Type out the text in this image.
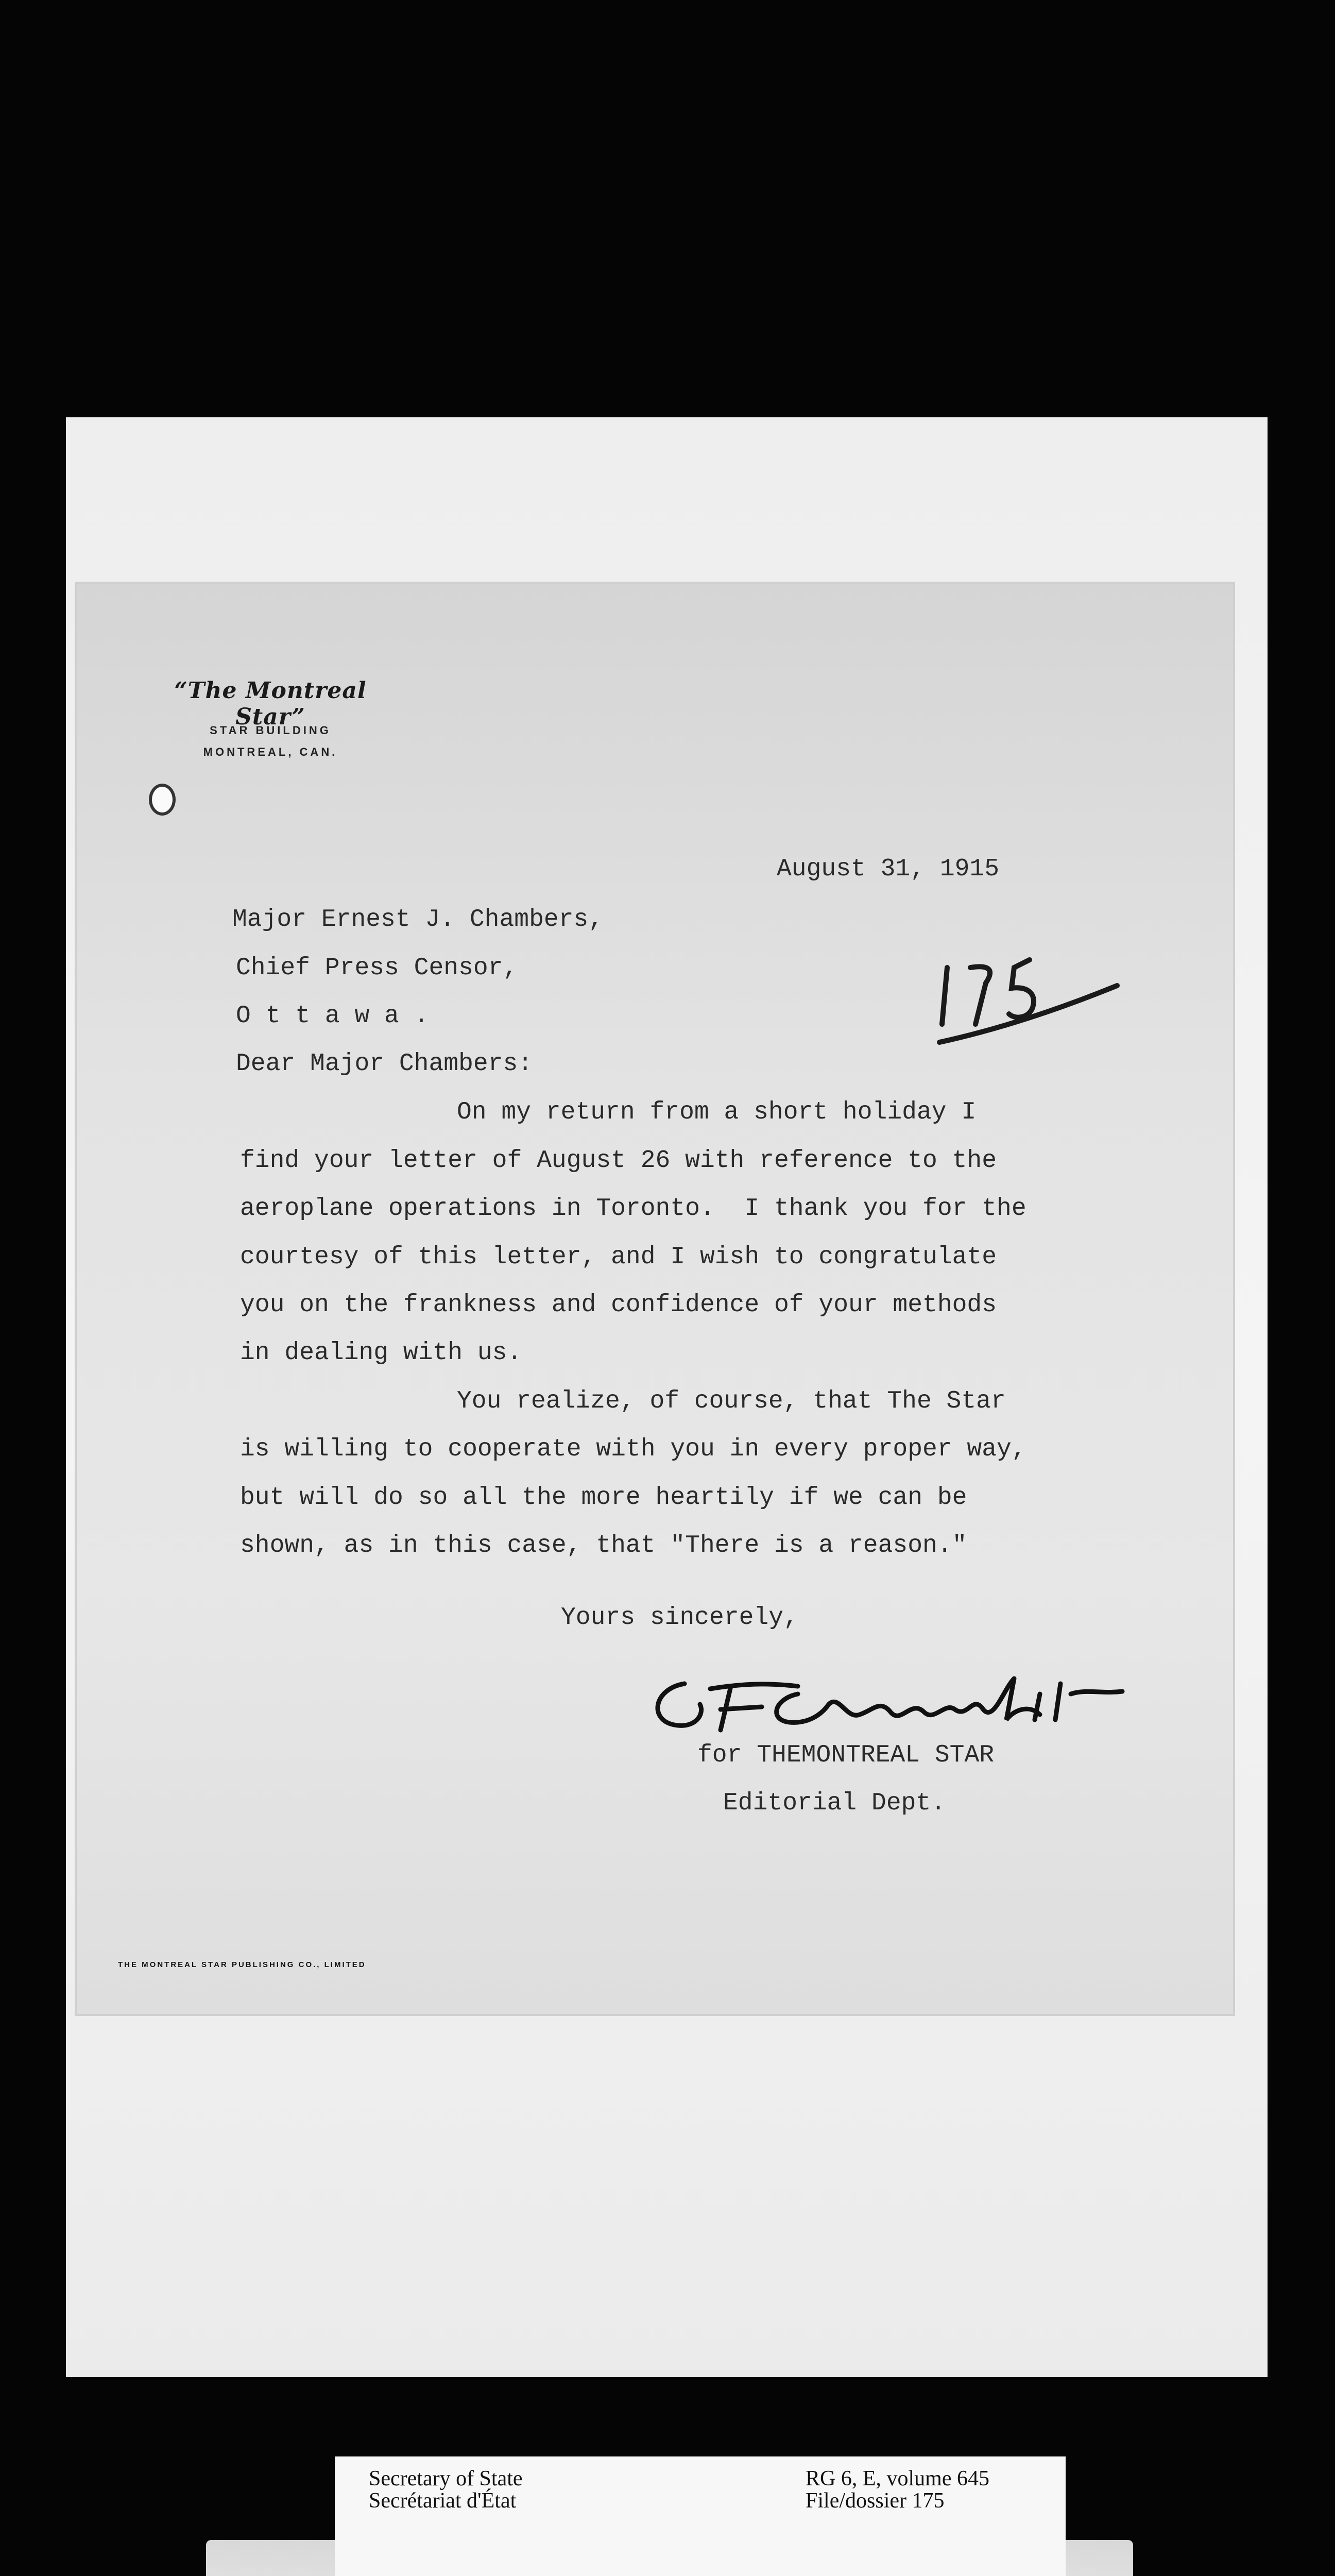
“The Montreal Star”
STAR BUILDING
MONTREAL, CAN.
August 31, 1915
Major Ernest J. Chambers,
Chief Press Censor,
O t t a w a .
Dear Major Chambers:
On my return from a short holiday I
find your letter of August 26 with reference to the
aeroplane operations in Toronto.  I thank you for the
courtesy of this letter, and I wish to congratulate
you on the frankness and confidence of your methods
in dealing with us.
You realize, of course, that The Star
is willing to cooperate with you in every proper way,
but will do so all the more heartily if we can be
shown, as in this case, that "There is a reason."
Yours sincerely,
for THEMONTREAL STAR
Editorial Dept.
THE MONTREAL STAR PUBLISHING CO., LIMITED
Secretary of State
Secrétariat d'État
RG 6, E, volume 645
File/dossier 175
